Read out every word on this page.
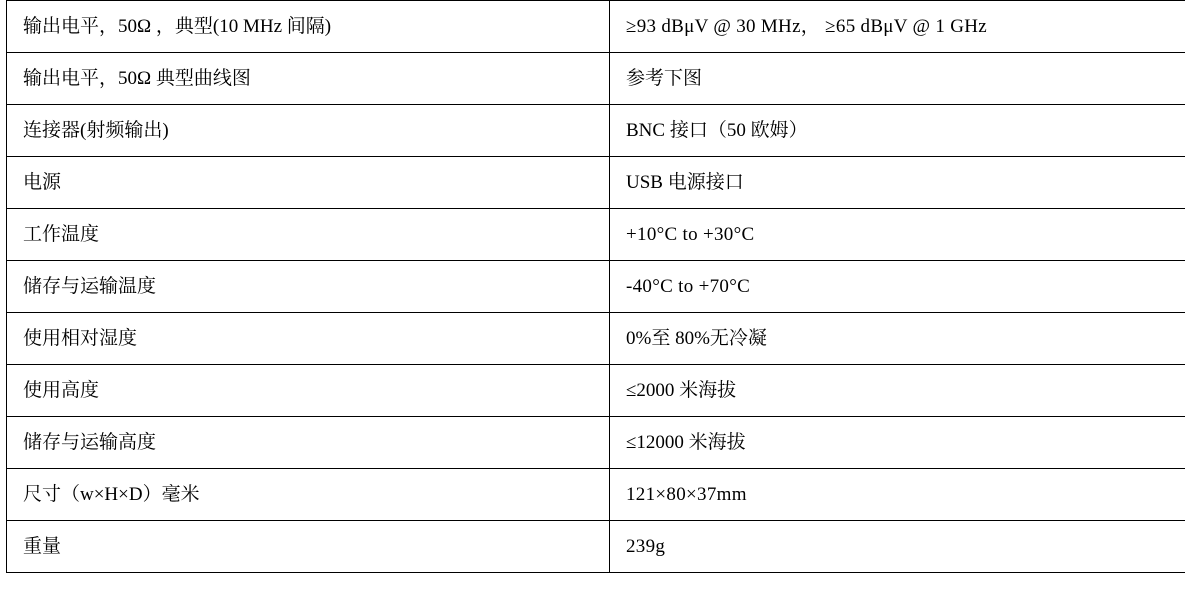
输出电平，50Ω ，典型(10 MHz 间隔)	≥93 dBμV @ 30 MHz， ≥65 dBμV @ 1 GHz
输出电平，50Ω 典型曲线图	参考下图
连接器(射频输出)	BNC 接口（50 欧姆）
电源	USB 电源接口
工作温度	+10°C to +30°C
储存与运输温度	-40°C to +70°C
使用相对湿度	0%至 80%无冷凝
使用高度	≤2000 米海拔
储存与运输高度	≤12000 米海拔
尺寸（w×H×D）毫米	121×80×37mm
重量	239g
